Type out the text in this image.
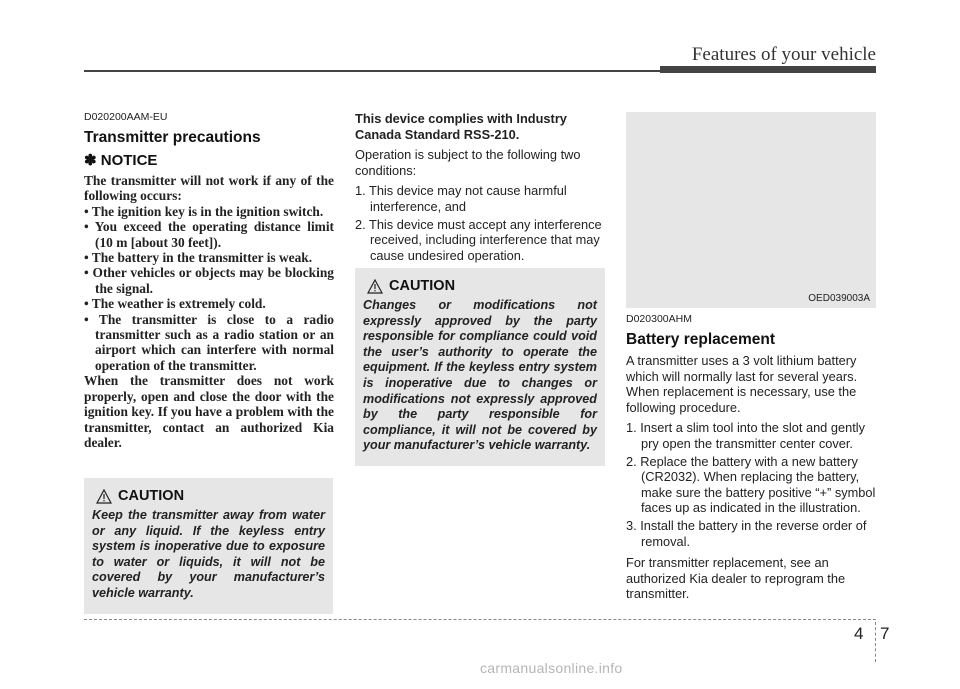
Features of your vehicle
D020200AAM-EU
Transmitter precautions
✽ NOTICE
The transmitter will not work if any of the following occurs:
• The ignition key is in the ignition switch.
• You exceed the operating distance limit (10 m [about 30 feet]).
• The battery in the transmitter is weak.
• Other vehicles or objects may be blocking the signal.
• The weather is extremely cold.
• The transmitter is close to a radio transmitter such as a radio station or an airport which can interfere with normal operation of the transmitter.
When the transmitter does not work properly, open and close the door with the ignition key. If you have a problem with the transmitter, contact an authorized Kia dealer.
CAUTION
Keep the transmitter away from water or any liquid. If the keyless entry system is inoperative due to exposure to water or liquids, it will not be covered by your manufacturer’s vehicle warranty.

This device complies with Industry Canada Standard RSS-210.

Operation is subject to the following two conditions:

1. This device may not cause harmful interference, and
2. This device must accept any interference received, including interference that may cause undesired operation.
CAUTION
Changes or modifications not expressly approved by the party responsible for compliance could void the user’s authority to operate the equipment. If the keyless entry system is inoperative due to changes or modifications not expressly approved by the party responsible for compliance, it will not be covered by your manufacturer’s vehicle warranty.
OED039003A
D020300AHM
Battery replacement

A transmitter uses a 3 volt lithium battery which will normally last for several years. When replacement is necessary, use the following procedure.

1. Insert a slim tool into the slot and gently pry open the transmitter center cover.
2. Replace the battery with a new battery (CR2032). When replacing the battery, make sure the battery positive “+” symbol faces up as indicated in the illustration.
3. Install the battery in the reverse order of removal.

For transmitter replacement, see an authorized Kia dealer to reprogram the transmitter.

4 7
carmanualsonline.info
